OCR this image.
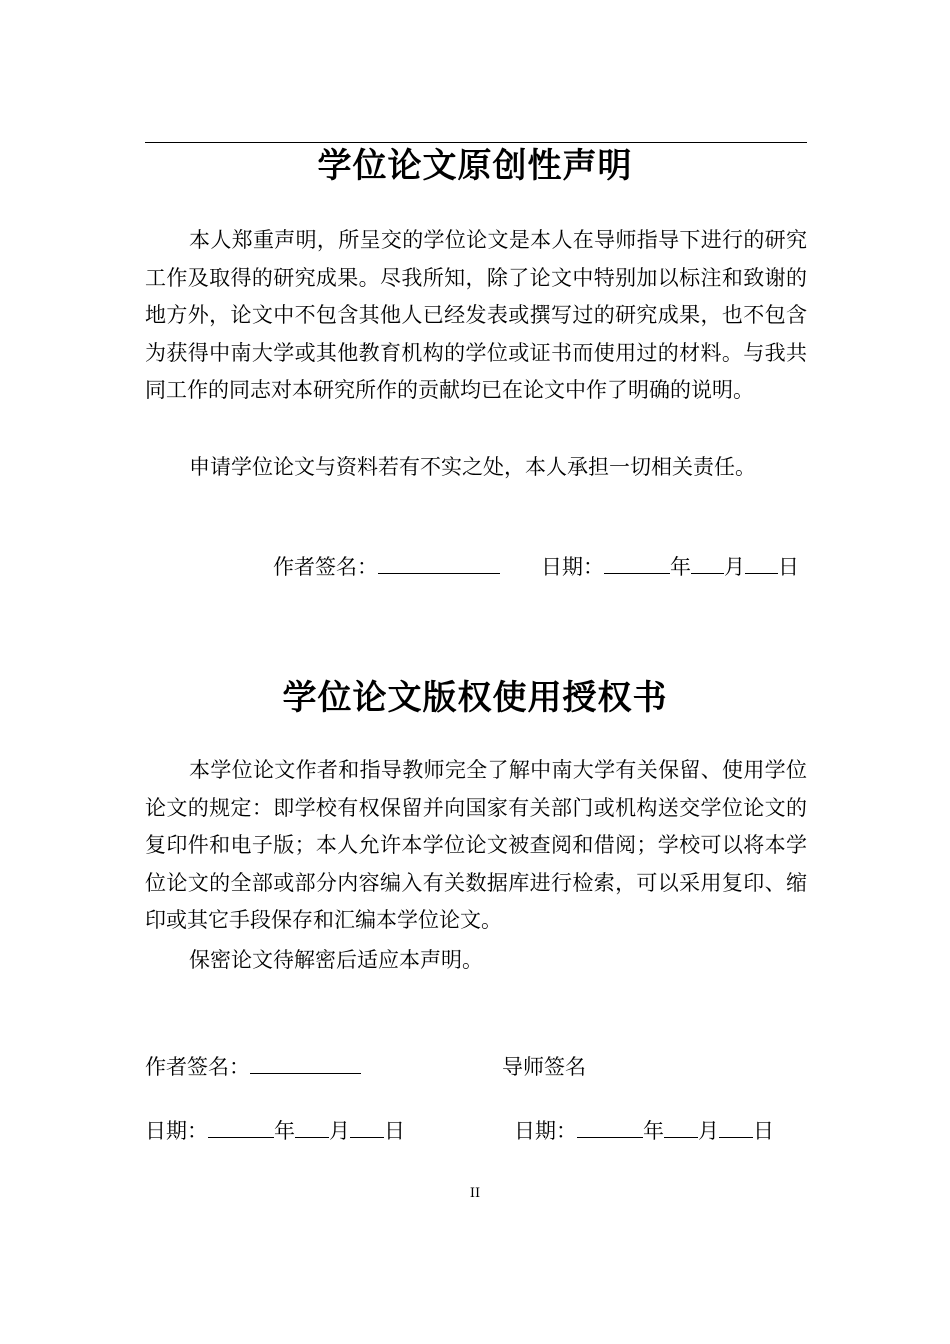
学位论文原创性声明

本人郑重声明，所呈交的学位论文是本人在导师指导下进行的研究工作及取得的研究成果。尽我所知，除了论文中特别加以标注和致谢的地方外，论文中不包含其他人已经发表或撰写过的研究成果，也不包含为获得中南大学或其他教育机构的学位或证书而使用过的材料。与我共同工作的同志对本研究所作的贡献均已在论文中作了明确的说明。

申请学位论文与资料若有不实之处，本人承担一切相关责任。

作者签名：	日期：	年 月 日
学位论文版权使用授权书

本学位论文作者和指导教师完全了解中南大学有关保留、使用学位论文的规定：即学校有权保留并向国家有关部门或机构送交学位论文的复印件和电子版；本人允许本学位论文被查阅和借阅；学校可以将本学位论文的全部或部分内容编入有关数据库进行检索，可以采用复印、缩印或其它手段保存和汇编本学位论文。

保密论文待解密后适应本声明。

作者签名：	导师签名
日期：	年 月 日	日期：	年 月 日
II
